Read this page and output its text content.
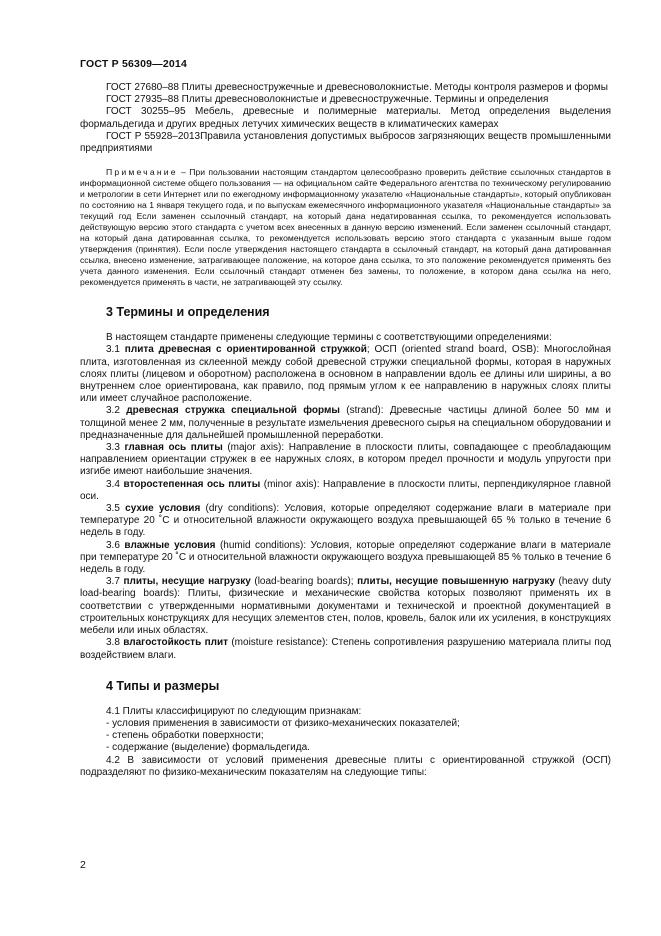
ГОСТ Р 56309—2014

ГОСТ 27680–88 Плиты древесностружечные и древесноволокнистые. Методы контроля размеров и формы

ГОСТ 27935–88 Плиты древесноволокнистые и древесностружечные. Термины и определения

ГОСТ 30255–95 Мебель, древесные и полимерные материалы. Метод определения выделения формальдегида и других вредных летучих химических веществ в климатических камерах

ГОСТ Р 55928–2013Правила установления допустимых выбросов загрязняющих веществ промышленными предприятиями

Примечание – При пользовании настоящим стандартом целесообразно проверить действие ссылочных стандартов в информационной системе общего пользования — на официальном сайте Федерального агентства по техническому регулированию и метрологии в сети Интернет или по ежегодному информационному указателю «Национальные стандарты», который опубликован по состоянию на 1 января текущего года, и по выпускам ежемесячного информационного указателя «Национальные стандарты» за текущий год Если заменен ссылочный стандарт, на который дана недатированная ссылка, то рекомендуется использовать действующую версию этого стандарта с учетом всех внесенных в данную версию изменений. Если заменен ссылочный стандарт, на который дана датированная ссылка, то рекомендуется использовать версию этого стандарта с указанным выше годом утверждения (принятия). Если после утверждения настоящего стандарта в ссылочный стандарт, на который дана датированная ссылка, внесено изменение, затрагивающее положение, на которое дана ссылка, то это положение рекомендуется применять без учета данного изменения. Если ссылочный стандарт отменен без замены, то положение, в котором дана ссылка на него, рекомендуется применять в части, не затрагивающей эту ссылку.

3 Термины и определения

В настоящем стандарте применены следующие термины с соответствующими определениями:

3.1 плита древесная с ориентированной стружкой; ОСП (oriented strand board, OSB): Многослойная плита, изготовленная из склеенной между собой древесной стружки специальной формы, которая в наружных слоях плиты (лицевом и оборотном) расположена в основном в направлении вдоль ее длины или ширины, а во внутреннем слое ориентирована, как правило, под прямым углом к ее направлению в наружных слоях плиты или имеет случайное расположение.

3.2 древесная стружка специальной формы (strand): Древесные частицы длиной более 50 мм и толщиной менее 2 мм, полученные в результате измельчения древесного сырья на специальном оборудовании и предназначенные для дальнейшей промышленной переработки.

3.3 главная ось плиты (major axis): Направление в плоскости плиты, совпадающее с преобладающим направлением ориентации стружек в ее наружных слоях, в котором предел прочности и модуль упругости при изгибе имеют наибольшие значения.

3.4 второстепенная ось плиты (minor axis): Направление в плоскости плиты, перпендикулярное главной оси.

3.5 сухие условия (dry conditions): Условия, которые определяют содержание влаги в материале при температуре 20 ˚С и относительной влажности окружающего воздуха превышающей 65 % только в течение 6 недель в году.

3.6 влажные условия (humid conditions): Условия, которые определяют содержание влаги в материале при температуре 20 ˚С и относительной влажности окружающего воздуха превышающей 85 % только в течение 6 недель в году.

3.7 плиты, несущие нагрузку (load-bearing boards); плиты, несущие повышенную нагрузку (heavy duty load-bearing boards): Плиты, физические и механические свойства которых позволяют применять их в соответствии с утвержденными нормативными документами и технической и проектной документацией в строительных конструкциях для несущих элементов стен, полов, кровель, балок или их усиления, в конструкциях мебели или иных областях.

3.8 влагостойкость плит (moisture resistance): Степень сопротивления разрушению материала плиты под воздействием влаги.

4 Типы и размеры

4.1 Плиты классифицируют по следующим признакам:

- условия применения в зависимости от физико-механических показателей;

- степень обработки поверхности;

- содержание (выделение) формальдегида.

4.2 В зависимости от условий применения древесные плиты с ориентированной стружкой (ОСП) подразделяют по физико-механическим показателям на следующие типы:

2
